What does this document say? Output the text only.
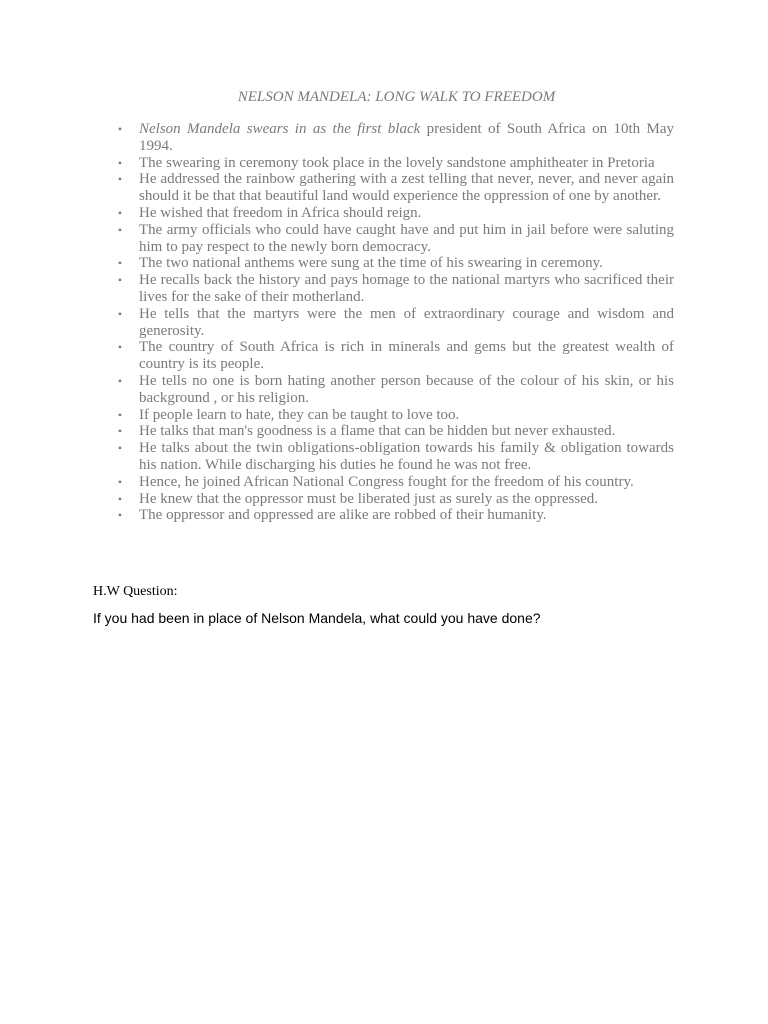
NELSON MANDELA: LONG WALK TO FREEDOM
• Nelson Mandela swears in as the first black president of South Africa on 10th May 1994.
• The swearing in ceremony took place in the lovely sandstone amphitheater in Pretoria
• He addressed the rainbow gathering with a zest telling that never, never, and never again should it be that that beautiful land would experience the oppression of one by another.
• He wished that freedom in Africa should reign.
• The army officials who could have caught have and put him in jail before were saluting him to pay respect to the newly born democracy.
• The two national anthems were sung at the time of his swearing in ceremony.
• He recalls back the history and pays homage to the national martyrs who sacrificed their lives for the sake of their motherland.
• He tells that the martyrs were the men of extraordinary courage and wisdom and generosity.
• The country of South Africa is rich in minerals and gems but the greatest wealth of country is its people.
• He tells no one is born hating another person because of the colour of his skin, or his background , or his religion.
• If people learn to hate, they can be taught to love too.
• He talks that man's goodness is a flame that can be hidden but never exhausted.
• He talks about the twin obligations-obligation towards his family & obligation towards his nation. While discharging his duties he found he was not free.
• Hence, he joined African National Congress fought for the freedom of his country.
• He knew that the oppressor must be liberated just as surely as the oppressed.
• The oppressor and oppressed are alike are robbed of their humanity.

H.W Question:

If you had been in place of Nelson Mandela, what could you have done?
